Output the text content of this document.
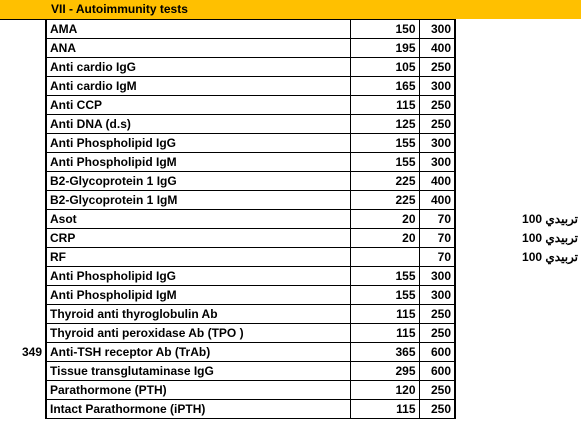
VII - Autoimmunity tests				
	AMA	150	300	
	ANA	195	400	
	Anti cardio IgG	105	250	
	Anti cardio IgM	165	300	
	Anti CCP	115	250	
	Anti DNA (d.s)	125	250	
	Anti Phospholipid IgG	155	300	
	Anti Phospholipid IgM	155	300	
	B2-Glycoprotein 1 IgG	225	400	
	B2-Glycoprotein 1 IgM	225	400	
	Asot	20	70	تربيدي 100
	CRP	20	70	تربيدي 100
	RF		70	تربيدي 100
	Anti Phospholipid IgG	155	300	
	Anti Phospholipid IgM	155	300	
	Thyroid anti thyroglobulin Ab	115	250	
	Thyroid anti peroxidase Ab (TPO )	115	250	
349	Anti-TSH receptor Ab (TrAb)	365	600	
	Tissue transglutaminase IgG	295	600	
	Parathormone (PTH)	120	250	
	Intact Parathormone (iPTH)	115	250	
